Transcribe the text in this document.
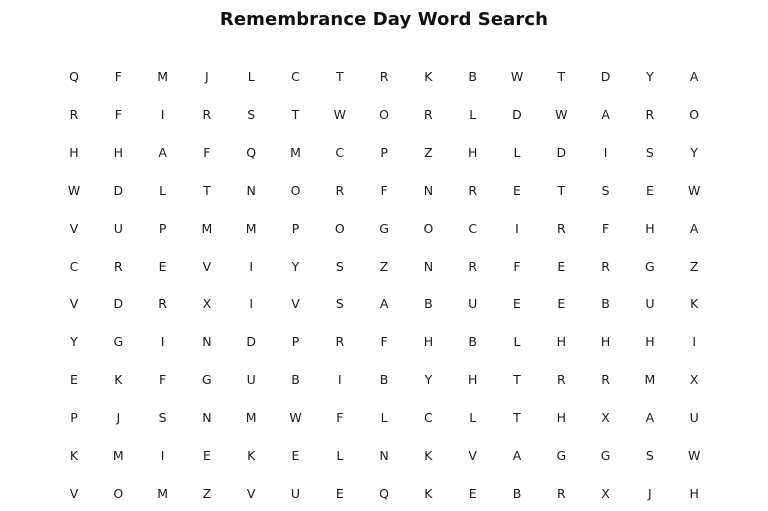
Remembrance Day Word Search
Q	F	M	J	L	C	T	R	K	B	W	T	D	Y	A
R	F	I	R	S	T	W	O	R	L	D	W	A	R	O
H	H	A	F	Q	M	C	P	Z	H	L	D	I	S	Y
W	D	L	T	N	O	R	F	N	R	E	T	S	E	W
V	U	P	M	M	P	O	G	O	C	I	R	F	H	A
C	R	E	V	I	Y	S	Z	N	R	F	E	R	G	Z
V	D	R	X	I	V	S	A	B	U	E	E	B	U	K
Y	G	I	N	D	P	R	F	H	B	L	H	H	H	I
E	K	F	G	U	B	I	B	Y	H	T	R	R	M	X
P	J	S	N	M	W	F	L	C	L	T	H	X	A	U
K	M	I	E	K	E	L	N	K	V	A	G	G	S	W
V	O	M	Z	V	U	E	Q	K	E	B	R	X	J	H
